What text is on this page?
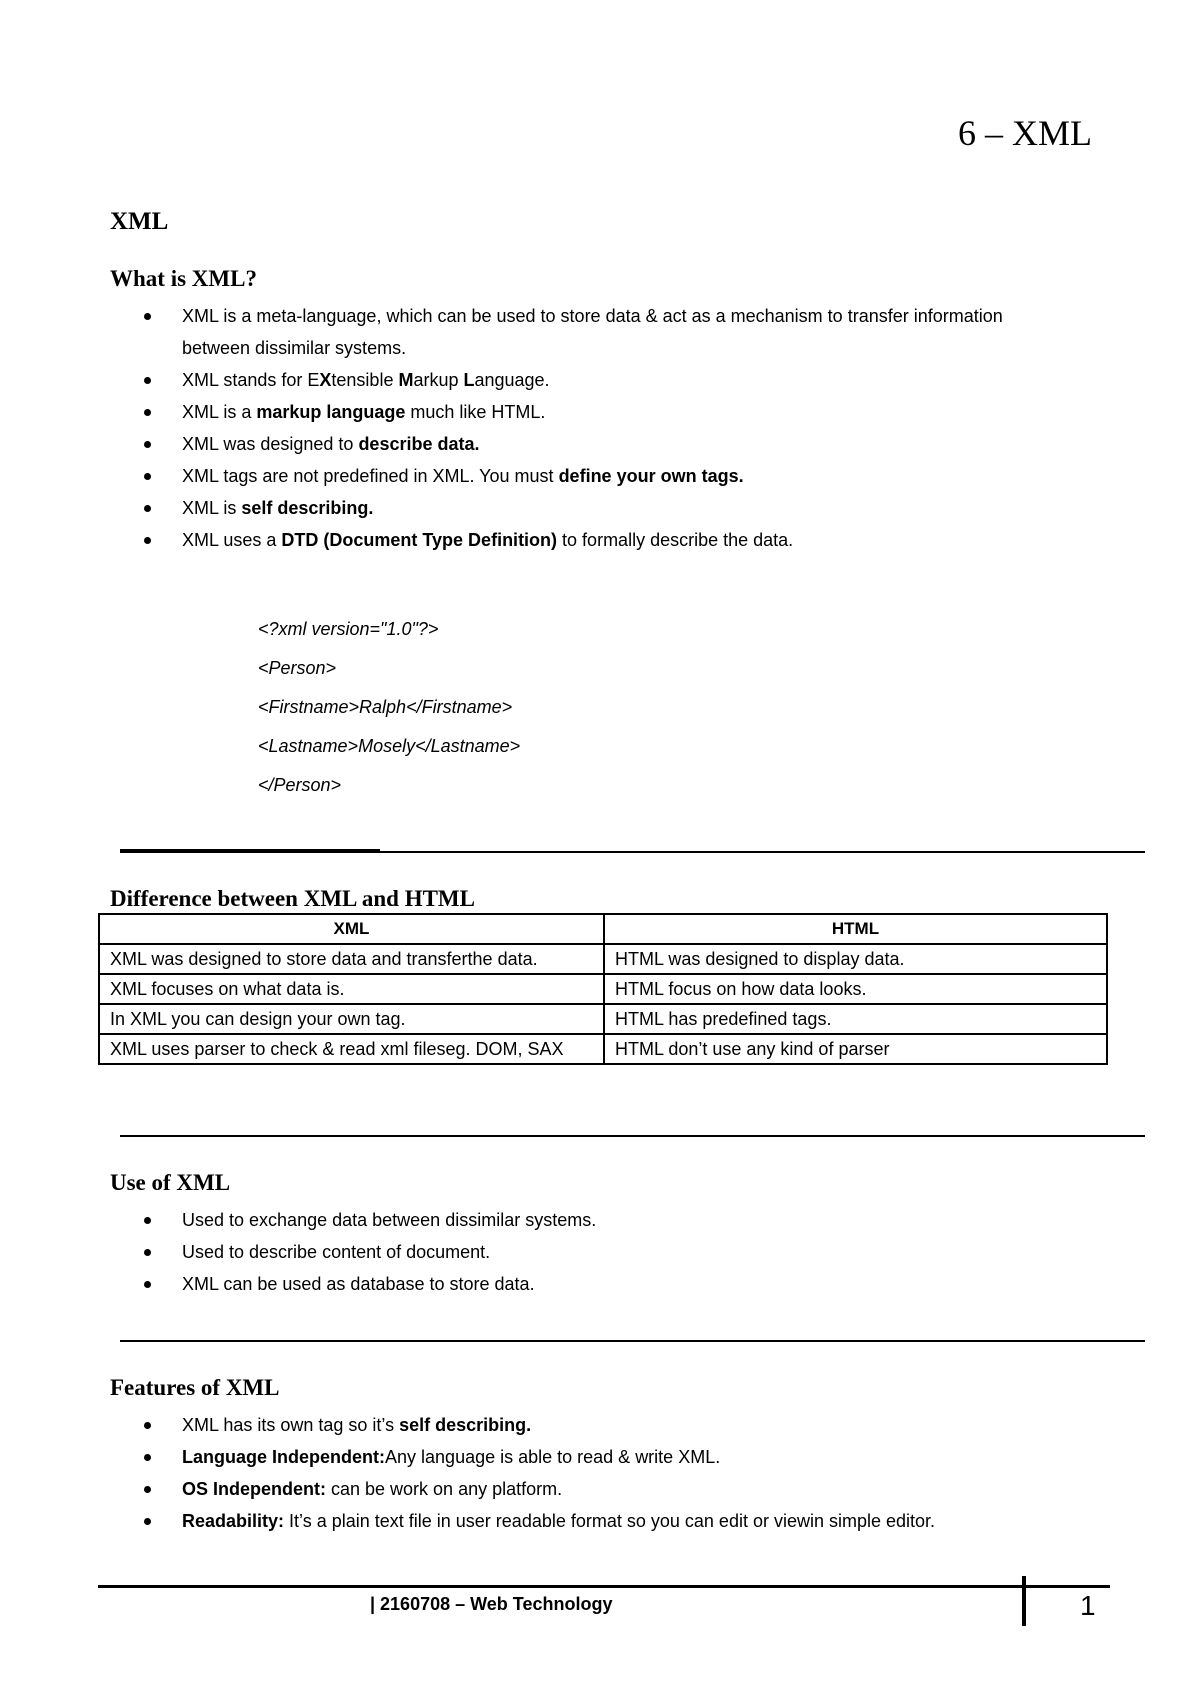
6 – XML
XML
What is XML?
XML is a meta-language, which can be used to store data & act as a mechanism to transfer information between dissimilar systems.
XML stands for EXtensible Markup Language.
XML is a markup language much like HTML.
XML was designed to describe data.
XML tags are not predefined in XML. You must define your own tags.
XML is self describing.
XML uses a DTD (Document Type Definition) to formally describe the data.
<?xml version="1.0"?>
<Person>
<Firstname>Ralph</Firstname>
<Lastname>Mosely</Lastname>
</Person>
Difference between XML and HTML
XML	HTML
XML was designed to store data and transferthe data.	HTML was designed to display data.
XML focuses on what data is.	HTML focus on how data looks.
In XML you can design your own tag.	HTML has predefined tags.
XML uses parser to check & read xml fileseg. DOM, SAX	HTML don’t use any kind of parser
Use of XML
Used to exchange data between dissimilar systems.
Used to describe content of document.
XML can be used as database to store data.
Features of XML
XML has its own tag so it’s self describing.
Language Independent:Any language is able to read & write XML.
OS Independent: can be work on any platform.
Readability: It’s a plain text file in user readable format so you can edit or viewin simple editor.
| 2160708 – Web Technology	1
